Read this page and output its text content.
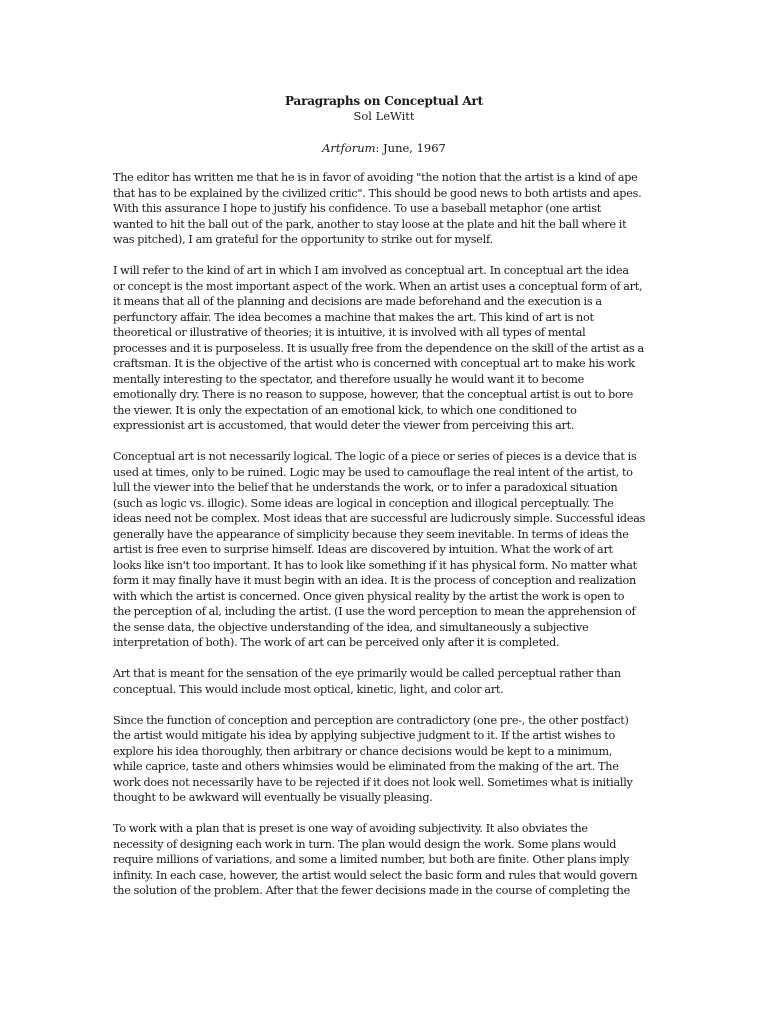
Paragraphs on Conceptual Art
Sol LeWitt
Artforum: June, 1967

The editor has written me that he is in favor of avoiding "the notion that the artist is a kind of ape
that has to be explained by the civilized critic". This should be good news to both artists and apes.
With this assurance I hope to justify his confidence. To use a baseball metaphor (one artist
wanted to hit the ball out of the park, another to stay loose at the plate and hit the ball where it
was pitched), I am grateful for the opportunity to strike out for myself.

I will refer to the kind of art in which I am involved as conceptual art. In conceptual art the idea
or concept is the most important aspect of the work. When an artist uses a conceptual form of art,
it means that all of the planning and decisions are made beforehand and the execution is a
perfunctory affair. The idea becomes a machine that makes the art. This kind of art is not
theoretical or illustrative of theories; it is intuitive, it is involved with all types of mental
processes and it is purposeless. It is usually free from the dependence on the skill of the artist as a
craftsman. It is the objective of the artist who is concerned with conceptual art to make his work
mentally interesting to the spectator, and therefore usually he would want it to become
emotionally dry. There is no reason to suppose, however, that the conceptual artist is out to bore
the viewer. It is only the expectation of an emotional kick, to which one conditioned to
expressionist art is accustomed, that would deter the viewer from perceiving this art.

Conceptual art is not necessarily logical. The logic of a piece or series of pieces is a device that is
used at times, only to be ruined. Logic may be used to camouflage the real intent of the artist, to
lull the viewer into the belief that he understands the work, or to infer a paradoxical situation
(such as logic vs. illogic). Some ideas are logical in conception and illogical perceptually. The
ideas need not be complex. Most ideas that are successful are ludicrously simple. Successful ideas
generally have the appearance of simplicity because they seem inevitable. In terms of ideas the
artist is free even to surprise himself. Ideas are discovered by intuition. What the work of art
looks like isn't too important. It has to look like something if it has physical form. No matter what
form it may finally have it must begin with an idea. It is the process of conception and realization
with which the artist is concerned. Once given physical reality by the artist the work is open to
the perception of al, including the artist. (I use the word perception to mean the apprehension of
the sense data, the objective understanding of the idea, and simultaneously a subjective
interpretation of both). The work of art can be perceived only after it is completed.

Art that is meant for the sensation of the eye primarily would be called perceptual rather than
conceptual. This would include most optical, kinetic, light, and color art.

Since the function of conception and perception are contradictory (one pre-, the other postfact)
the artist would mitigate his idea by applying subjective judgment to it. If the artist wishes to
explore his idea thoroughly, then arbitrary or chance decisions would be kept to a minimum,
while caprice, taste and others whimsies would be eliminated from the making of the art. The
work does not necessarily have to be rejected if it does not look well. Sometimes what is initially
thought to be awkward will eventually be visually pleasing.

To work with a plan that is preset is one way of avoiding subjectivity. It also obviates the
necessity of designing each work in turn. The plan would design the work. Some plans would
require millions of variations, and some a limited number, but both are finite. Other plans imply
infinity. In each case, however, the artist would select the basic form and rules that would govern
the solution of the problem. After that the fewer decisions made in the course of completing the
